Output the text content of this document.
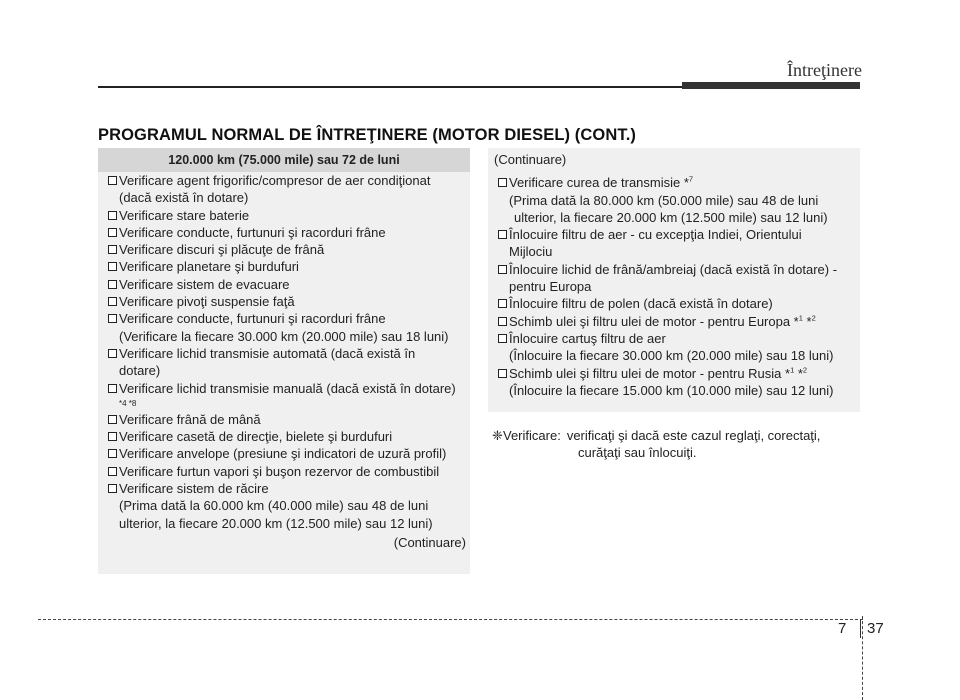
Întreţinere
PROGRAMUL NORMAL DE ÎNTREŢINERE (MOTOR DIESEL) (CONT.)
120.000 km (75.000 mile) sau 72 de luni
Verificare agent frigorific/compresor de aer condiţionat
(dacă există în dotare)
Verificare stare baterie
Verificare conducte, furtunuri şi racorduri frâne
Verificare discuri şi plăcuţe de frână
Verificare planetare şi burdufuri
Verificare sistem de evacuare
Verificare pivoţi suspensie faţă
Verificare conducte, furtunuri şi racorduri frâne
(Verificare la fiecare 30.000 km (20.000 mile) sau 18 luni)
Verificare lichid transmisie automată (dacă există în
dotare)
Verificare lichid transmisie manuală (dacă există în dotare)
*4 *8
Verificare frână de mână
Verificare casetă de direcţie, bielete şi burdufuri
Verificare anvelope (presiune şi indicatori de uzură profil)
Verificare furtun vapori şi buşon rezervor de combustibil
Verificare sistem de răcire
(Prima dată la 60.000 km (40.000 mile) sau 48 de luni
ulterior, la fiecare 20.000 km (12.500 mile) sau 12 luni)
(Continuare)
(Continuare)
Verificare curea de transmisie *$^7$
(Prima dată la 80.000 km (50.000 mile) sau 48 de luni
ulterior, la fiecare 20.000 km (12.500 mile) sau 12 luni)
Înlocuire filtru de aer - cu excepţia Indiei, Orientului
Mijlociu
Înlocuire lichid de frână/ambreiaj (dacă există în dotare) -
pentru Europa
Înlocuire filtru de polen (dacă există în dotare)
Schimb ulei şi filtru ulei de motor - pentru Europa *$^1$ *$^2$
Înlocuire cartuş filtru de aer
(Înlocuire la fiecare 30.000 km (20.000 mile) sau 18 luni)
Schimb ulei şi filtru ulei de motor - pentru Rusia *$^1$ *$^2$
(Înlocuire la fiecare 15.000 km (10.000 mile) sau 12 luni)
❈ Verificare: verificaţi şi dacă este cazul reglaţi, corectaţi,
curăţaţi sau înlocuiţi.
7 37
